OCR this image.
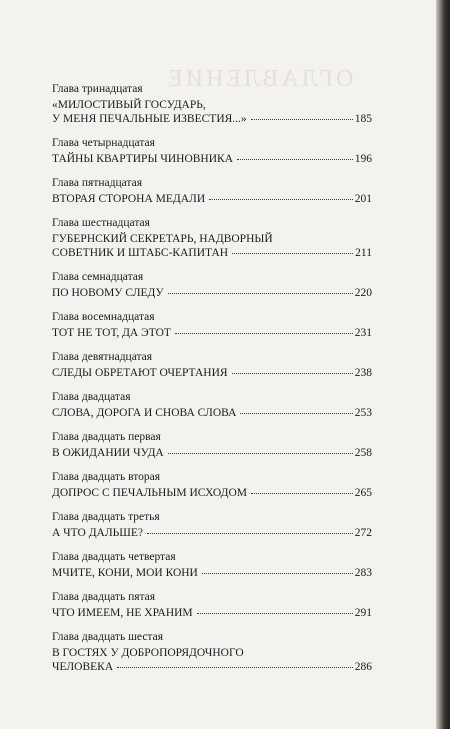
ОГЛАВЛЕНИЕ
Глава тринадцатая
«МИЛОСТИВЫЙ ГОСУДАРЬ,
У МЕНЯ ПЕЧАЛЬНЫЕ ИЗВЕСТИЯ...»	185
Глава четырнадцатая
ТАЙНЫ КВАРТИРЫ ЧИНОВНИКА	196
Глава пятнадцатая
ВТОРАЯ СТОРОНА МЕДАЛИ	201
Глава шестнадцатая
ГУБЕРНСКИЙ СЕКРЕТАРЬ, НАДВОРНЫЙ
СОВЕТНИК И ШТАБС-КАПИТАН	211
Глава семнадцатая
ПО НОВОМУ СЛЕДУ	220
Глава восемнадцатая
ТОТ НЕ ТОТ, ДА ЭТОТ	231
Глава девятнадцатая
СЛЕДЫ ОБРЕТАЮТ ОЧЕРТАНИЯ	238
Глава двадцатая
СЛОВА, ДОРОГА И СНОВА СЛОВА	253
Глава двадцать первая
В ОЖИДАНИИ ЧУДА	258
Глава двадцать вторая
ДОПРОС С ПЕЧАЛЬНЫМ ИСХОДОМ	265
Глава двадцать третья
А ЧТО ДАЛЬШЕ?	272
Глава двадцать четвертая
МЧИТЕ, КОНИ, МОИ КОНИ	283
Глава двадцать пятая
ЧТО ИМЕЕМ, НЕ ХРАНИМ	291
Глава двадцать шестая
В ГОСТЯХ У ДОБРОПОРЯДОЧНОГО
ЧЕЛОВЕКА	286
